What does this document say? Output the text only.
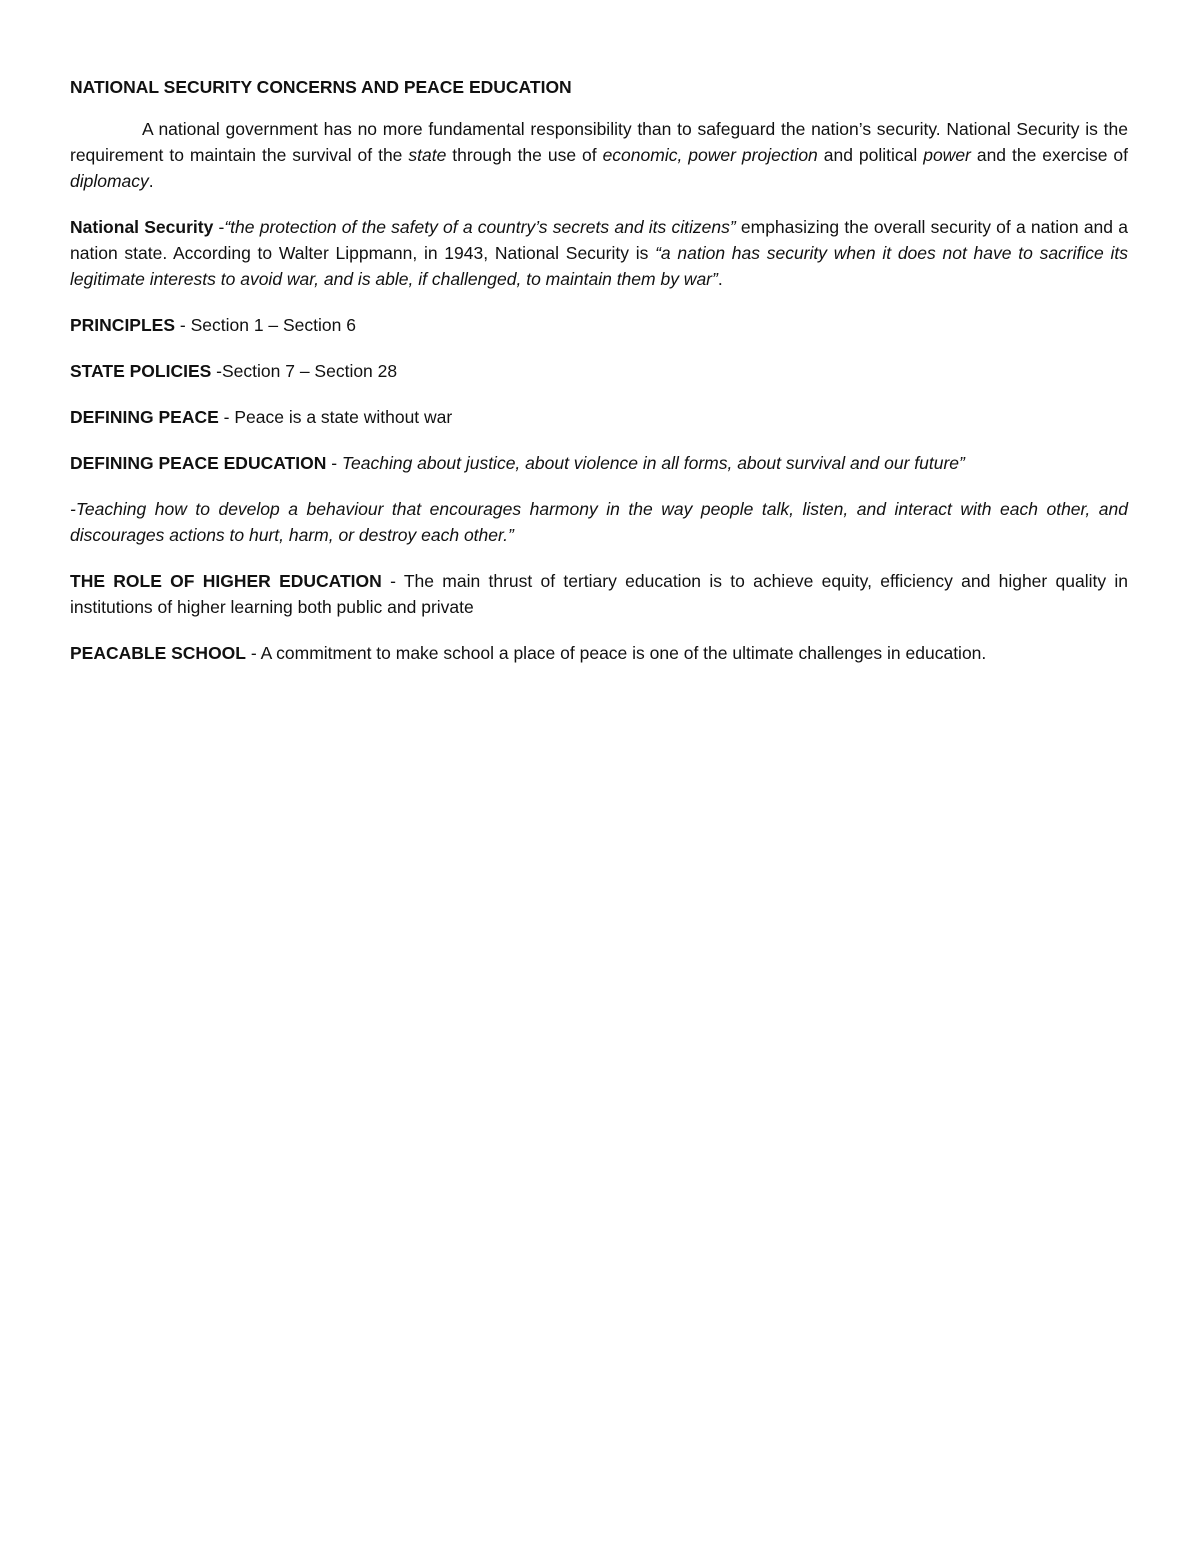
NATIONAL SECURITY CONCERNS AND PEACE EDUCATION

A national government has no more fundamental responsibility than to safeguard the nation’s security. National Security is the requirement to maintain the survival of the state through the use of economic, power projection and political power and the exercise of diplomacy.

National Security -“the protection of the safety of a country’s secrets and its citizens” emphasizing the overall security of a nation and a nation state. According to Walter Lippmann, in 1943, National Security is “a nation has security when it does not have to sacrifice its legitimate interests to avoid war, and is able, if challenged, to maintain them by war”.

PRINCIPLES - Section 1 – Section 6

STATE POLICIES -Section 7 – Section 28

DEFINING PEACE - Peace is a state without war

DEFINING PEACE EDUCATION - Teaching about justice, about violence in all forms, about survival and our future”

-Teaching how to develop a behaviour that encourages harmony in the way people talk, listen, and interact with each other, and discourages actions to hurt, harm, or destroy each other.”

THE ROLE OF HIGHER EDUCATION - The main thrust of tertiary education is to achieve equity, efficiency and higher quality in institutions of higher learning both public and private

PEACABLE SCHOOL - A commitment to make school a place of peace is one of the ultimate challenges in education.
